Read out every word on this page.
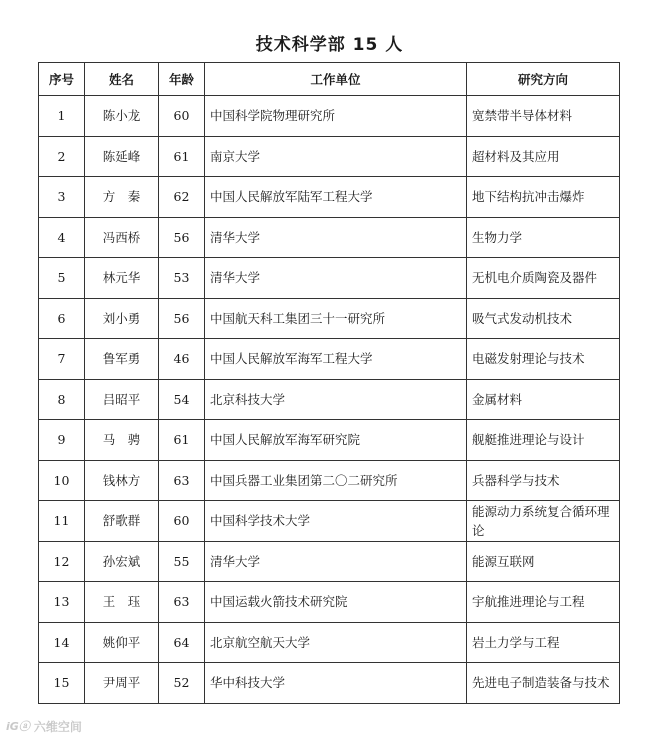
技术科学部 15 人
序号	姓名	年龄	工作单位	研究方向
1	陈小龙	60	中国科学院物理研究所	宽禁带半导体材料
2	陈延峰	61	南京大学	超材料及其应用
3	方　秦	62	中国人民解放军陆军工程大学	地下结构抗冲击爆炸
4	冯西桥	56	清华大学	生物力学
5	林元华	53	清华大学	无机电介质陶瓷及器件
6	刘小勇	56	中国航天科工集团三十一研究所	吸气式发动机技术
7	鲁军勇	46	中国人民解放军海军工程大学	电磁发射理论与技术
8	吕昭平	54	北京科技大学	金属材料
9	马　骋	61	中国人民解放军海军研究院	舰艇推进理论与设计
10	钱林方	63	中国兵器工业集团第二〇二研究所	兵器科学与技术
11	舒歌群	60	中国科学技术大学	能源动力系统复合循环理论
12	孙宏斌	55	清华大学	能源互联网
13	王　珏	63	中国运载火箭技术研究院	宇航推进理论与工程
14	姚仰平	64	北京航空航天大学	岩土力学与工程
15	尹周平	52	华中科技大学	先进电子制造装备与技术
iGⓐ 六维空间
